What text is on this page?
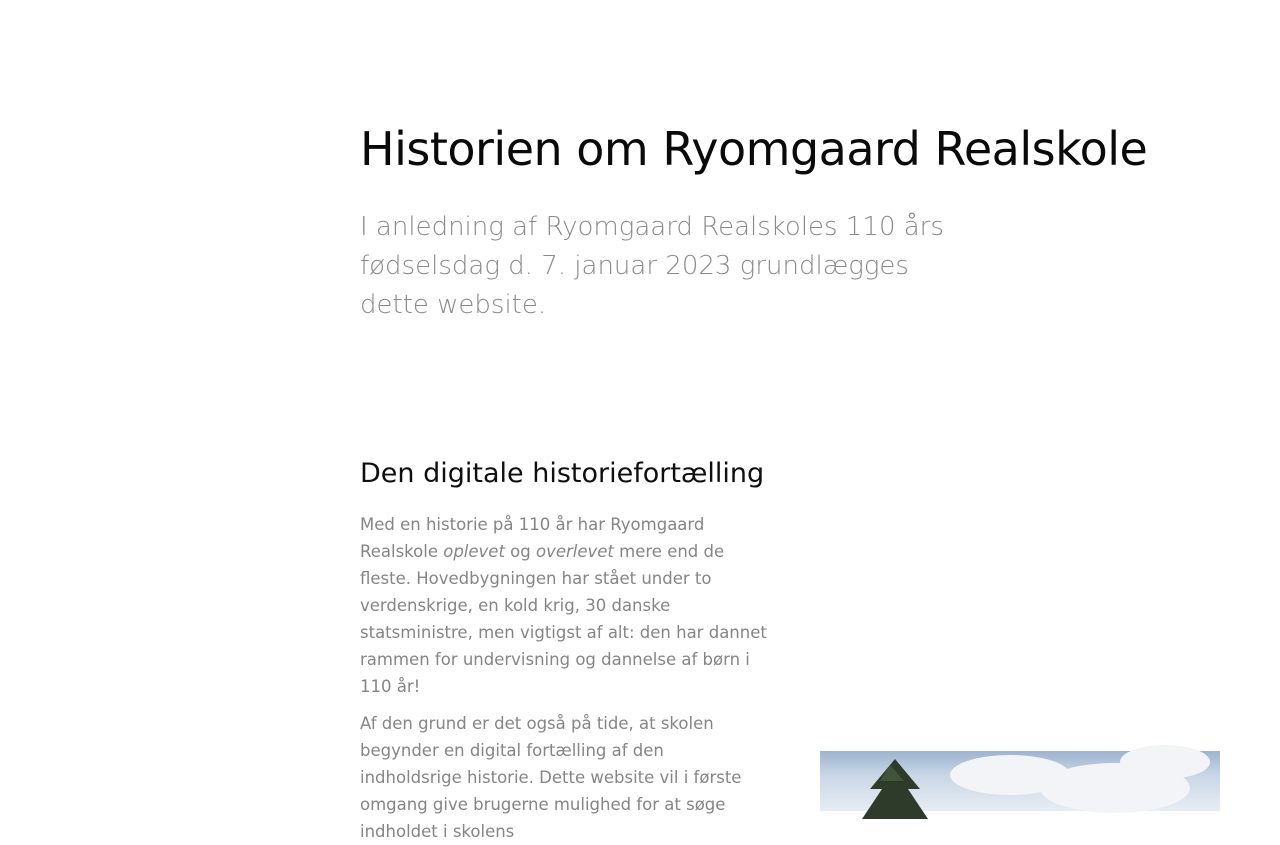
Historien om Ryomgaard Realskole

I anledning af Ryomgaard Realskoles 110 års fødselsdag d. 7. januar 2023 grundlægges dette website.

Den digitale historiefortælling

Med en historie på 110 år har Ryomgaard Realskole oplevet og overlevet mere end de fleste. Hovedbygningen har stået under to verdenskrige, en kold krig, 30 danske statsministre, men vigtigst af alt: den har dannet rammen for undervisning og dannelse af børn i 110 år!

Af den grund er det også på tide, at skolen begynder en digital fortælling af den indholdsrige historie. Dette website vil i første omgang give brugerne mulighed for at søge indholdet i skolens
